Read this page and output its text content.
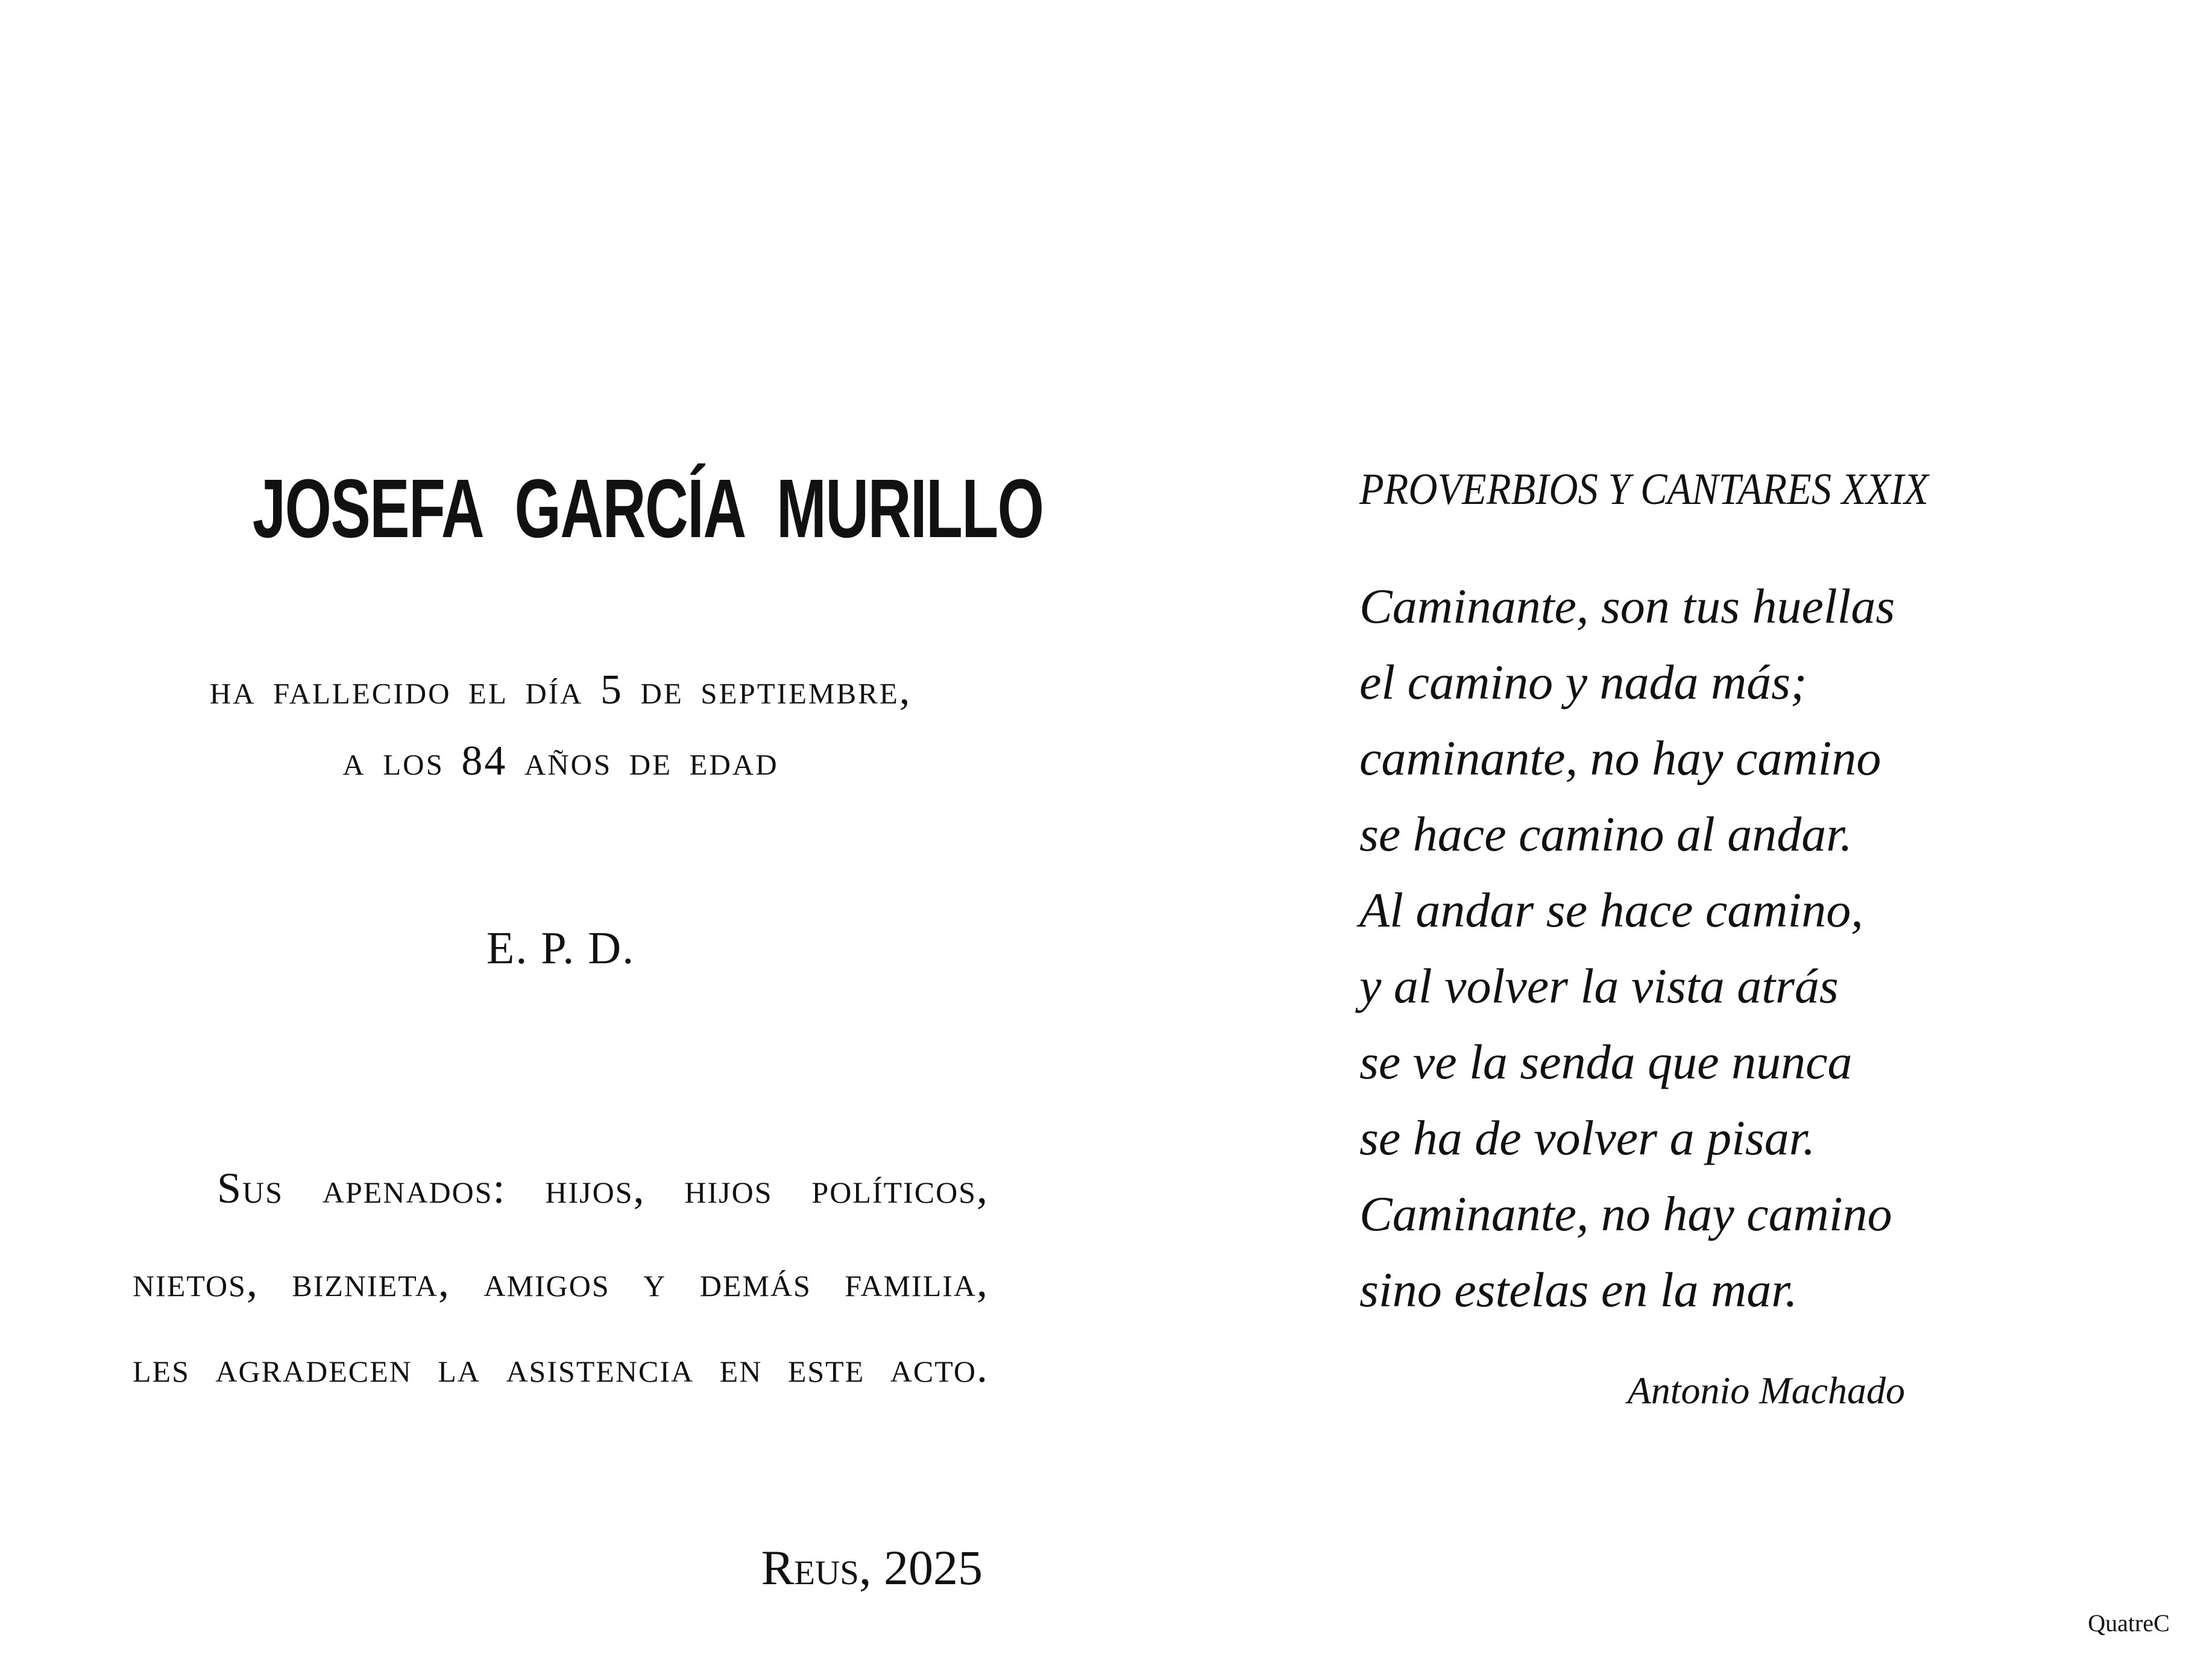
JOSEFA GARCÍA MURILLO
ha fallecido el día 5 de septiembre,
a los 84 años de edad
E. P. D.
Sus apenados: hijos, hijos políticos,
nietos, biznieta, amigos y demás familia,
les agradecen la asistencia en este acto.
Reus, 2025
PROVERBIOS Y CANTARES XXIX
Caminante, son tus huellas
el camino y nada más;
caminante, no hay camino
se hace camino al andar.
Al andar se hace camino,
y al volver la vista atrás
se ve la senda que nunca
se ha de volver a pisar.
Caminante, no hay camino
sino estelas en la mar.
Antonio Machado
QuatreC
